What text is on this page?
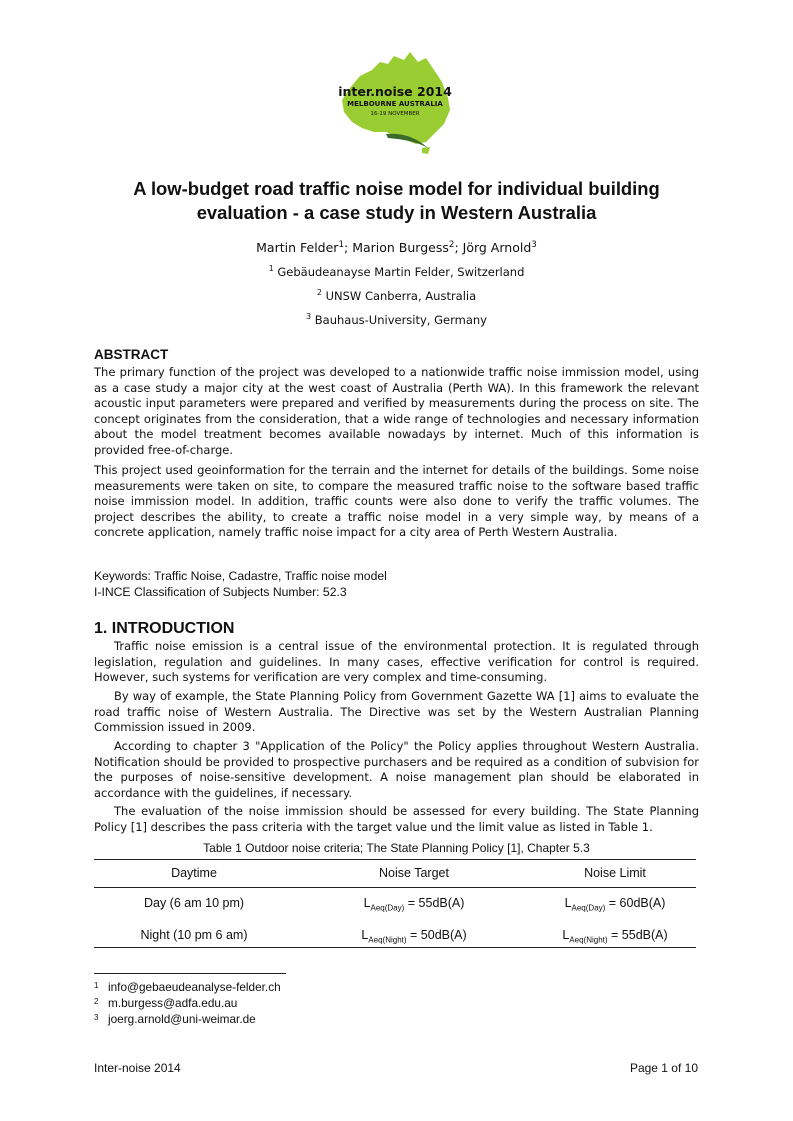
inter.noise 2014
MELBOURNE AUSTRALIA
16-19 NOVEMBER
A low-budget road traffic noise model for individual building
evaluation - a case study in Western Australia
Martin Felder$^1$; Marion Burgess$^2$; Jörg Arnold$^3$
$^1$ Gebäudeanayse Martin Felder, Switzerland
$^2$ UNSW Canberra, Australia
$^3$ Bauhaus-University, Germany
ABSTRACT
The primary function of the project was developed to a nationwide traffic noise immission model, using as a case study a major city at the west coast of Australia (Perth WA). In this framework the relevant acoustic input parameters were prepared and verified by measurements during the process on site. The concept originates from the consideration, that a wide range of technologies and necessary information about the model treatment becomes available nowadays by internet. Much of this information is provided free-of-charge.
This project used geoinformation for the terrain and the internet for details of the buildings. Some noise measurements were taken on site, to compare the measured traffic noise to the software based traffic noise immission model. In addition, traffic counts were also done to verify the traffic volumes. The project describes the ability, to create a traffic noise model in a very simple way, by means of a concrete application, namely traffic noise impact for a city area of Perth Western Australia.
Keywords: Traffic Noise, Cadastre, Traffic noise model
I-INCE Classification of Subjects Number: 52.3
1. INTRODUCTION
Traffic noise emission is a central issue of the environmental protection. It is regulated through legislation, regulation and guidelines. In many cases, effective verification for control is required. However, such systems for verification are very complex and time-consuming.
By way of example, the State Planning Policy from Government Gazette WA [1] aims to evaluate the road traffic noise of Western Australia. The Directive was set by the Western Australian Planning Commission issued in 2009.
According to chapter 3 "Application of the Policy" the Policy applies throughout Western Australia. Notification should be provided to prospective purchasers and be required as a condition of subvision for the purposes of noise-sensitive development. A noise management plan should be elaborated in accordance with the guidelines, if necessary.
The evaluation of the noise immission should be assessed for every building. The State Planning Policy [1] describes the pass criteria with the target value und the limit value as listed in Table 1.
Table 1 Outdoor noise criteria; The State Planning Policy [1], Chapter 5.3
Daytime	Noise Target	Noise Limit
Day (6 am 10 pm)	$L_{Aeq(Day)} = 55dB(A)$	$L_{Aeq(Day)} = 60dB(A)$
Night (10 pm 6 am)	$L_{Aeq(Night)} = 50dB(A)$	$L_{Aeq(Night)} = 55dB(A)$
1 info@gebaeudeanalyse-felder.ch
2 m.burgess@adfa.edu.au
3 joerg.arnold@uni-weimar.de
Inter-noise 2014	Page 1 of 10
